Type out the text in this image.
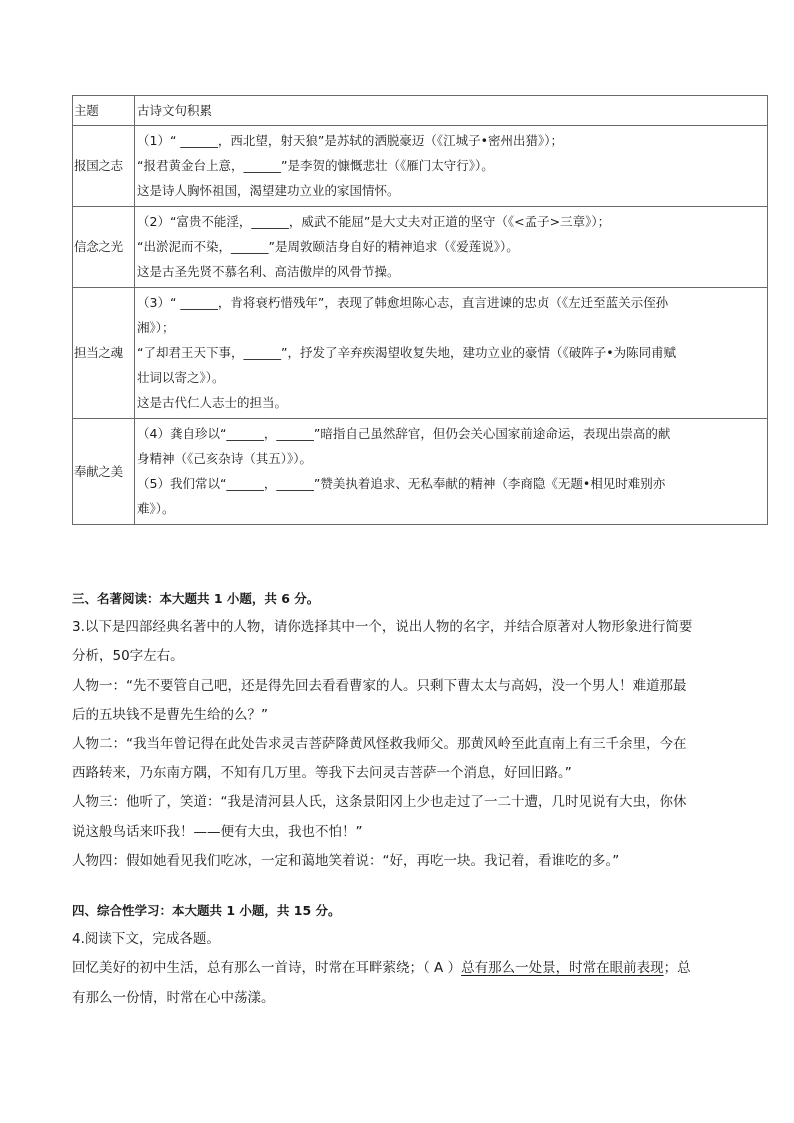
主题	古诗文句积累
报国之志	（1）“ ______，西北望，射天狼”是苏轼的洒脱豪迈（《江城子•密州出猎》）；
“报君黄金台上意，______”是李贺的慷慨悲壮（《雁门太守行》）。
这是诗人胸怀祖国，渴望建功立业的家国情怀。

信念之光	（2）“富贵不能淫，______，威武不能屈”是大丈夫对正道的坚守（《<孟子>三章》）；
“出淤泥而不染，______”是周敦颐洁身自好的精神追求（《爱莲说》）。
这是古圣先贤不慕名利、高洁傲岸的风骨节操。

担当之魂	（3）“ ______，肯将衰朽惜残年”，表现了韩愈坦陈心志，直言进谏的忠贞（《左迁至蓝关示侄孙
湘》）；
“了却君王天下事，______”，抒发了辛弃疾渴望收复失地，建功立业的豪情（《破阵子•为陈同甫赋
壮词以寄之》）。
这是古代仁人志士的担当。

奉献之美	（4）龚自珍以“______，______”暗指自己虽然辞官，但仍会关心国家前途命运，表现出崇高的献
身精神（《己亥杂诗（其五）》）。
（5）我们常以“______，______”赞美执着追求、无私奉献的精神（李商隐《无题•相见时难别亦
难》）。

三、名著阅读：本大题共 1 小题，共 6 分。

3.以下是四部经典名著中的人物，请你选择其中一个，说出人物的名字，并结合原著对人物形象进行简要

分析，50字左右。

人物一：“先不要管自己吧，还是得先回去看看曹家的人。只剩下曹太太与高妈，没一个男人！难道那最

后的五块钱不是曹先生给的么？”

人物二：“我当年曾记得在此处告求灵吉菩萨降黄风怪救我师父。那黄风岭至此直南上有三千余里，今在

西路转来，乃东南方隅，不知有几万里。等我下去问灵吉菩萨一个消息，好回旧路。”

人物三：他听了，笑道：“我是清河县人氏，这条景阳冈上少也走过了一二十遭，几时见说有大虫，你休

说这般鸟话来吓我！——便有大虫，我也不怕！”

人物四：假如她看见我们吃冰，一定和蔼地笑着说：“好，再吃一块。我记着，看谁吃的多。”

四、综合性学习：本大题共 1 小题，共 15 分。

4.阅读下文，完成各题。

回忆美好的初中生活，总有那么一首诗，时常在耳畔萦绕；（ A ）总有那么一处景，时常在眼前表现；总

有那么一份情，时常在心中荡漾。
